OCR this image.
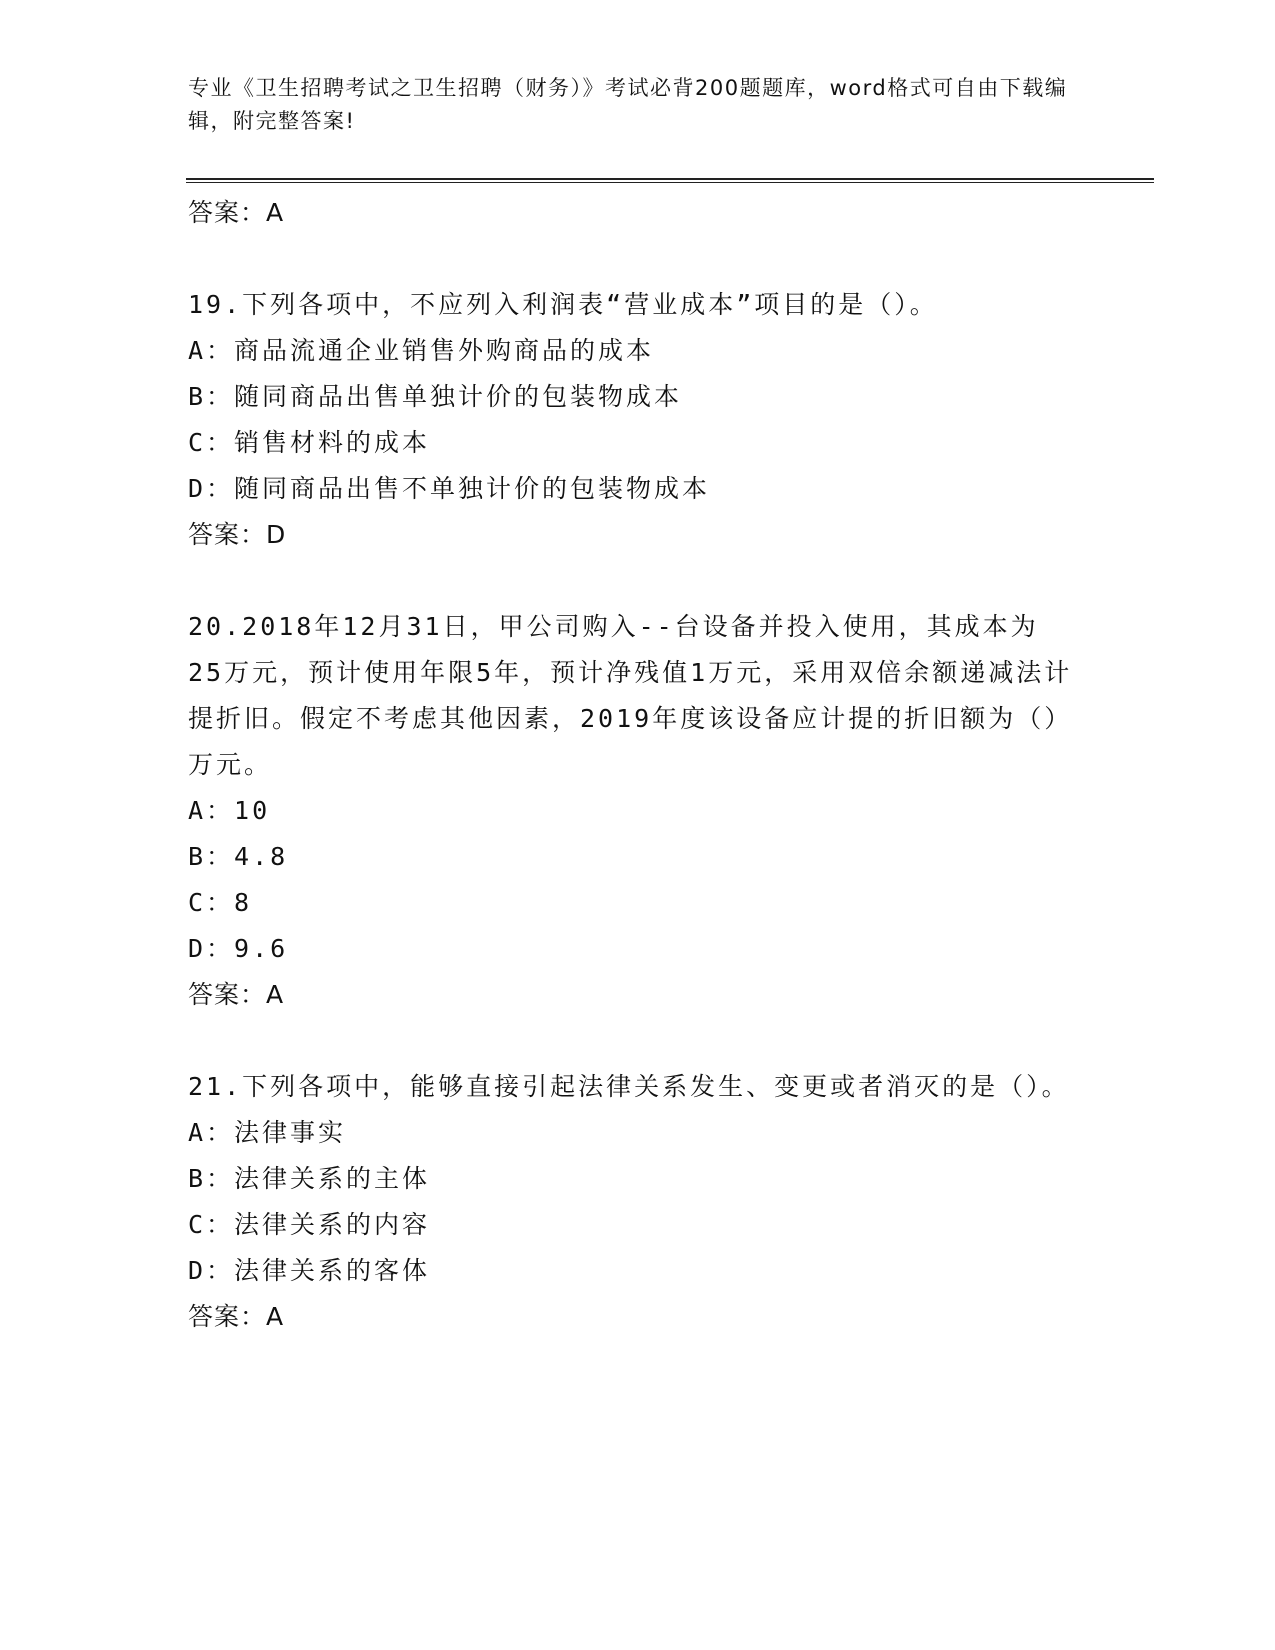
专业《卫生招聘考试之卫生招聘（财务）》考试必背200题题库，word格式可自由下载编辑，附完整答案!
答案：A
19.下列各项中，不应列入利润表“营业成本”项目的是（）。
A：商品流通企业销售外购商品的成本
B：随同商品出售单独计价的包装物成本
C：销售材料的成本
D：随同商品出售不单独计价的包装物成本
答案：D
20.2018年12月31日，甲公司购入--台设备并投入使用，其成本为25万元，预计使用年限5年，预计净残值1万元，采用双倍余额递减法计提折旧。假定不考虑其他因素，2019年度该设备应计提的折旧额为（）万元。
A：10
B：4.8
C：8
D：9.6
答案：A
21.下列各项中，能够直接引起法律关系发生、变更或者消灭的是（）。
A：法律事实
B：法律关系的主体
C：法律关系的内容
D：法律关系的客体
答案：A
